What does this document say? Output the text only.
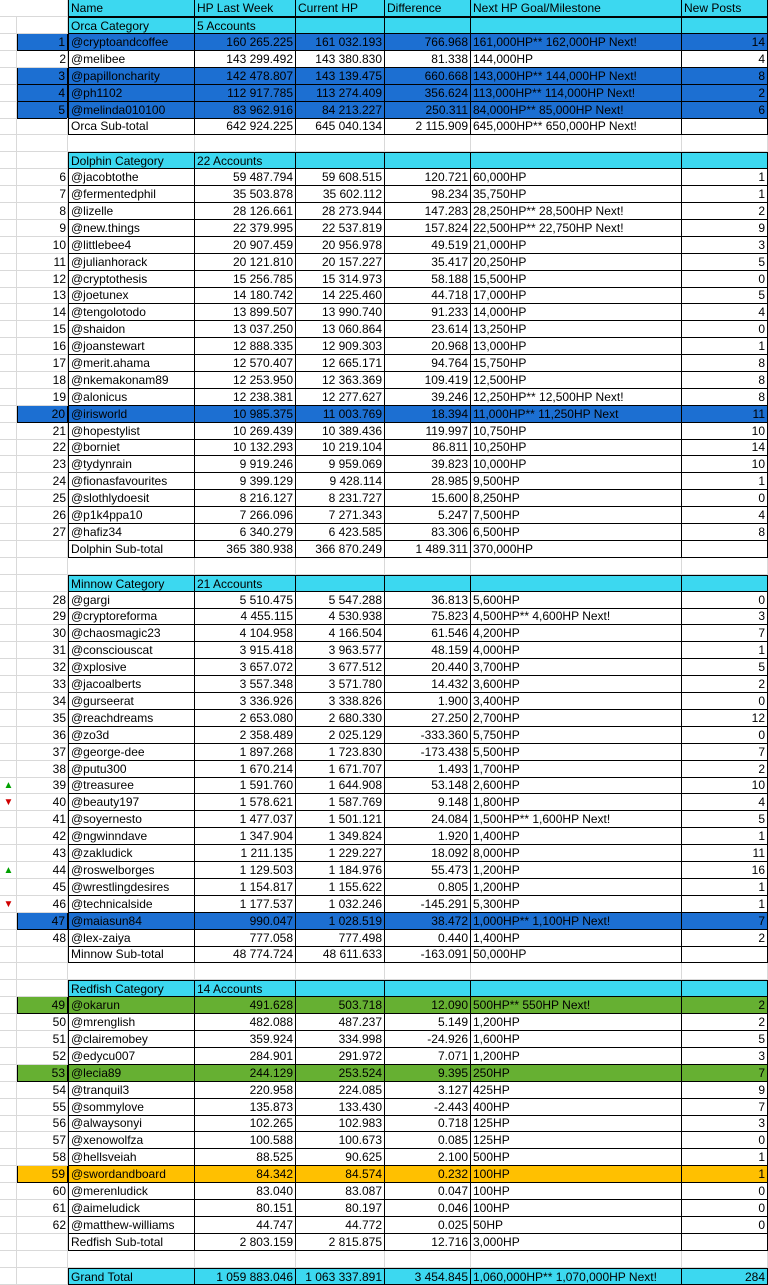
Name	HP Last Week	Current HP	Difference	Next HP Goal/Milestone	New Posts
Orca Category	5 Accounts
1 @cryptoandcoffee	160 265.225	161 032.193	766.968 161,000HP** 162,000HP Next!	14
2 @melibee	143 299.492	143 380.830	81.338 144,000HP	4
3 @papillоncharity	142 478.807	143 139.475	660.668 143,000HP** 144,000HP Next!	8
4 @ph1102	112 917.785	113 274.409	356.624 113,000HP** 114,000HP Next!	2
5 @melinda010100	83 962.916	84 213.227	250.311 84,000HP** 85,000HP Next!	6
Orca Sub-total	642 924.225	645 040.134	2 115.909 645,000HP** 650,000HP Next!
Dolphin Category	22 Accounts
6 @jacobtothe	59 487.794	59 608.515	120.721 60,000HP	1
7 @fermentedphil	35 503.878	35 602.112	98.234 35,750HP	1
8 @lizelle	28 126.661	28 273.944	147.283 28,250HP** 28,500HP Next!	2
9 @new.things	22 379.995	22 537.819	157.824 22,500HP** 22,750HP Next!	9
10 @littlebee4	20 907.459	20 956.978	49.519 21,000HP	3
11 @julianhorack	20 121.810	20 157.227	35.417 20,250HP	5
12 @cryptothesis	15 256.785	15 314.973	58.188 15,500HP	0
13 @joetunex	14 180.742	14 225.460	44.718 17,000HP	5
14 @tengolotodo	13 899.507	13 990.740	91.233 14,000HP	4
15 @shaidon	13 037.250	13 060.864	23.614 13,250HP	0
16 @joanstewart	12 888.335	12 909.303	20.968 13,000HP	1
17 @merit.ahama	12 570.407	12 665.171	94.764 15,750HP	8
18 @nkemakonam89	12 253.950	12 363.369	109.419 12,500HP	8
19 @alonicus	12 238.381	12 277.627	39.246 12,250HP** 12,500HP Next!	8
20 @irisworld	10 985.375	11 003.769	18.394 11,000HP** 11,250HP Next	11
21 @hopestylist	10 269.439	10 389.436	119.997 10,750HP	10
22 @borniet	10 132.293	10 219.104	86.811 10,250HP	14
23 @tydynrain	9 919.246	9 959.069	39.823 10,000HP	10
24 @fionasfavourites	9 399.129	9 428.114	28.985 9,500HP	1
25 @slothlydoesit	8 216.127	8 231.727	15.600 8,250HP	0
26 @p1k4ppa10	7 266.096	7 271.343	5.247 7,500HP	4
27 @hafiz34	6 340.279	6 423.585	83.306 6,500HP	8
Dolphin Sub-total	365 380.938	366 870.249	1 489.311 370,000HP
Minnow Category	21 Accounts
28 @gargi	5 510.475	5 547.288	36.813 5,600HP	0
29 @cryptoreforma	4 455.115	4 530.938	75.823 4,500HP** 4,600HP Next!	3
30 @chaosmagic23	4 104.958	4 166.504	61.546 4,200HP	7
31 @consciouscat	3 915.418	3 963.577	48.159 4,000HP	1
32 @xplosive	3 657.072	3 677.512	20.440 3,700HP	5
33 @jacoalberts	3 557.348	3 571.780	14.432 3,600HP	2
34 @gurseerat	3 336.926	3 338.826	1.900 3,400HP	0
35 @reachdreams	2 653.080	2 680.330	27.250 2,700HP	12
36 @zo3d	2 358.489	2 025.129	-333.360 5,750HP	0
37 @george-dee	1 897.268	1 723.830	-173.438 5,500HP	7
38 @putu300	1 670.214	1 671.707	1.493 1,700HP	2
▲	39 @treasuree	1 591.760	1 644.908	53.148 2,600HP	10
▼	40 @beauty197	1 578.621	1 587.769	9.148 1,800HP	4
41 @soyernesto	1 477.037	1 501.121	24.084 1,500HP** 1,600HP Next!	5
42 @ngwinndave	1 347.904	1 349.824	1.920 1,400HP	1
43 @zakludick	1 211.135	1 229.227	18.092 8,000HP	11
▲	44 @roswelborges	1 129.503	1 184.976	55.473 1,200HP	16
45 @wrestlingdesires	1 154.817	1 155.622	0.805 1,200HP	1
▼	46 @technicalside	1 177.537	1 032.246	-145.291 5,300HP	1
47 @maiasun84	990.047	1 028.519	38.472 1,000HP** 1,100HP Next!	7
48 @lex-zaiya	777.058	777.498	0.440 1,400HP	2
Minnow Sub-total	48 774.724	48 611.633	-163.091 50,000HP
Redfish Category	14 Accounts
49 @okarun	491.628	503.718	12.090 500HP** 550HP Next!	2
50 @mrenglish	482.088	487.237	5.149 1,200HP	2
51 @clairemobey	359.924	334.998	-24.926 1,600HP	5
52 @edycu007	284.901	291.972	7.071 1,200HP	3
53 @lecia89	244.129	253.524	9.395 250HP	7
54 @tranquil3	220.958	224.085	3.127 425HP	9
55 @sommylove	135.873	133.430	-2.443 400HP	7
56 @alwaysonyi	102.265	102.983	0.718 125HP	3
57 @xenowolfza	100.588	100.673	0.085 125HP	0
58 @hellsveiah	88.525	90.625	2.100 500HP	1
59 @swordandboard	84.342	84.574	0.232 100HP	1
60 @merenludick	83.040	83.087	0.047 100HP	0
61 @aimeludick	80.151	80.197	0.046 100HP	0
62 @matthew-williams	44.747	44.772	0.025 50HP	0
Redfish Sub-total	2 803.159	2 815.875	12.716 3,000HP
Grand Total	1 059 883.046	1 063 337.891	3 454.845 1,060,000HP** 1,070,000HP Next!	284
